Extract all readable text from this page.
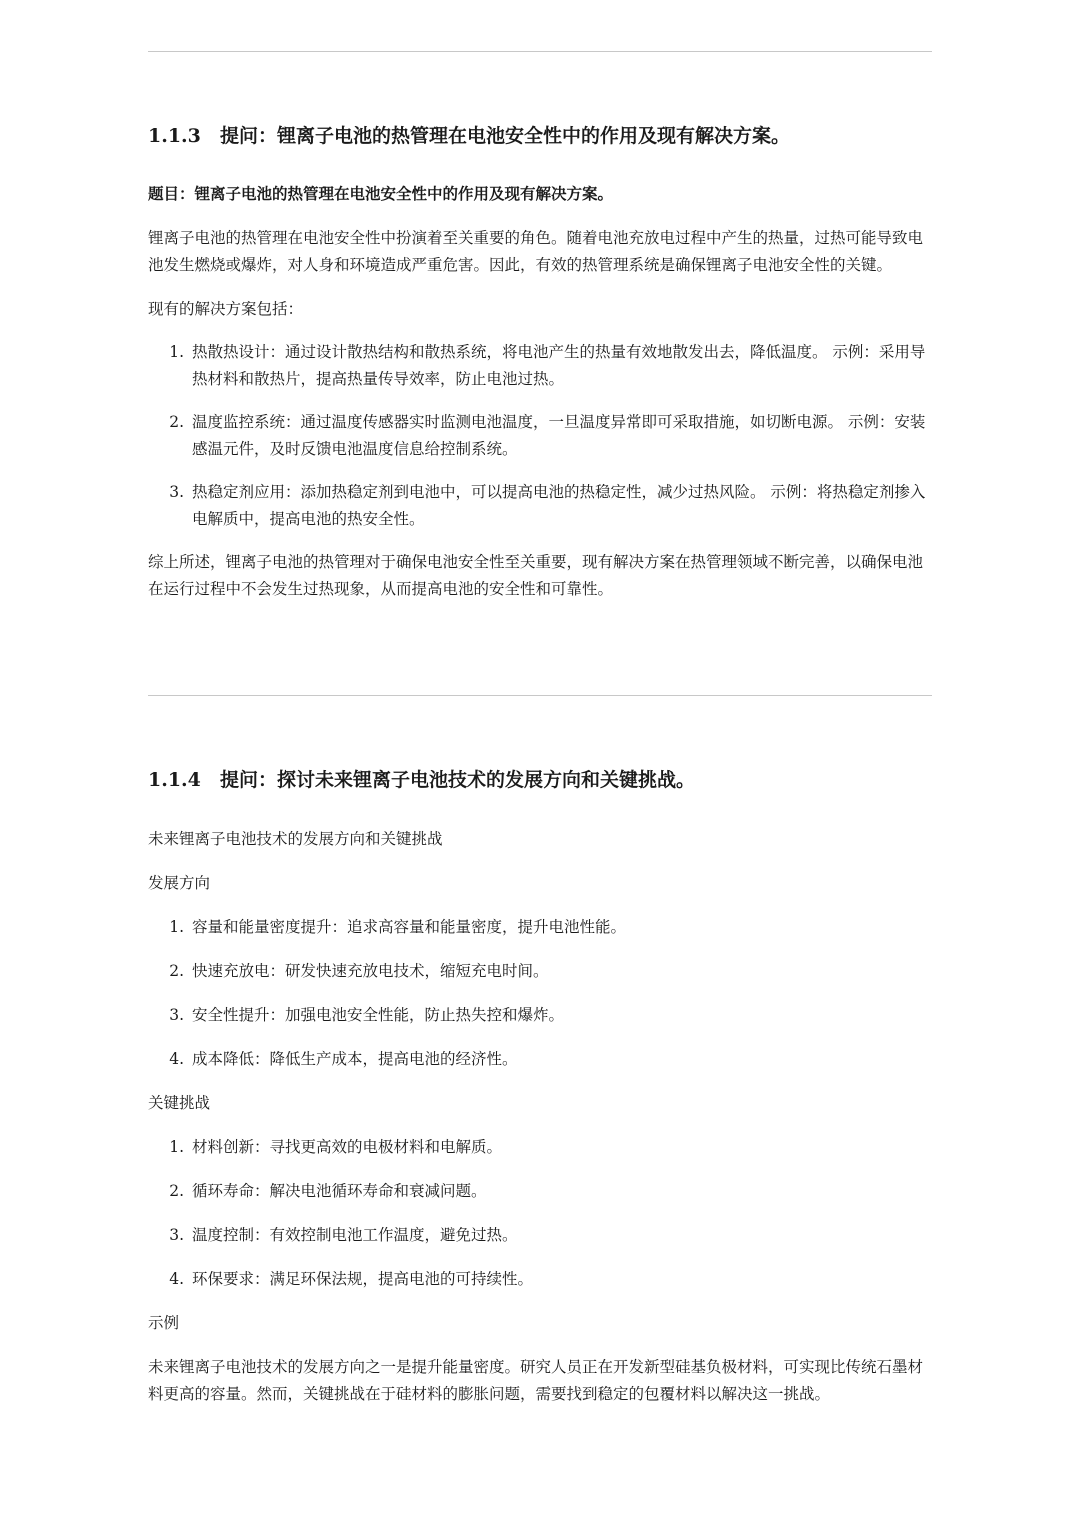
1.1.3	提问：锂离子电池的热管理在电池安全性中的作用及现有解决方案。

题目：锂离子电池的热管理在电池安全性中的作用及现有解决方案。

锂离子电池的热管理在电池安全性中扮演着至关重要的角色。随着电池充放电过程中产生的热量，过热可能导致电池发生燃烧或爆炸，对人身和环境造成严重危害。因此，有效的热管理系统是确保锂离子电池安全性的关键。

现有的解决方案包括：

1. 热散热设计：通过设计散热结构和散热系统，将电池产生的热量有效地散发出去，降低温度。 示例：采用导热材料和散热片，提高热量传导效率，防止电池过热。
2. 温度监控系统：通过温度传感器实时监测电池温度，一旦温度异常即可采取措施，如切断电源。 示例：安装感温元件，及时反馈电池温度信息给控制系统。
3. 热稳定剂应用：添加热稳定剂到电池中，可以提高电池的热稳定性，减少过热风险。 示例：将热稳定剂掺入电解质中，提高电池的热安全性。

综上所述，锂离子电池的热管理对于确保电池安全性至关重要，现有解决方案在热管理领域不断完善，以确保电池在运行过程中不会发生过热现象，从而提高电池的安全性和可靠性。

1.1.4	提问：探讨未来锂离子电池技术的发展方向和关键挑战。

未来锂离子电池技术的发展方向和关键挑战

发展方向

1. 容量和能量密度提升：追求高容量和能量密度，提升电池性能。
2. 快速充放电：研发快速充放电技术，缩短充电时间。
3. 安全性提升：加强电池安全性能，防止热失控和爆炸。
4. 成本降低：降低生产成本，提高电池的经济性。

关键挑战

1. 材料创新：寻找更高效的电极材料和电解质。
2. 循环寿命：解决电池循环寿命和衰减问题。
3. 温度控制：有效控制电池工作温度，避免过热。
4. 环保要求：满足环保法规，提高电池的可持续性。

示例

未来锂离子电池技术的发展方向之一是提升能量密度。研究人员正在开发新型硅基负极材料，可实现比传统石墨材料更高的容量。然而，关键挑战在于硅材料的膨胀问题，需要找到稳定的包覆材料以解决这一挑战。
